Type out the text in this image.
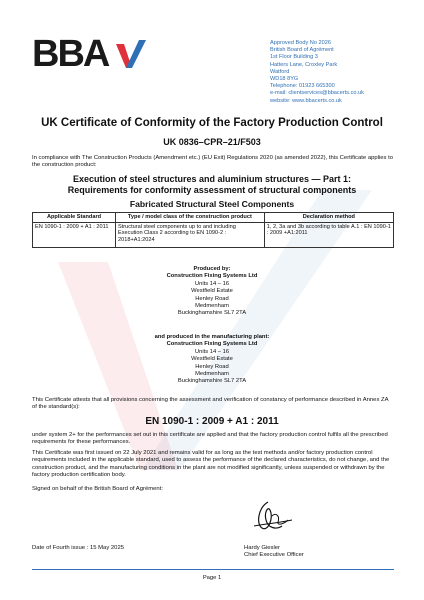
BBA	Approved Body No 2026
British Board of Agrément
1st Floor Building 3
Hatters Lane, Croxley Park
Watford
WD18 8YG
Telephone: 01923 665300
e-mail: clientservices@bbacerts.co.uk
website: www.bbacerts.co.uk
UK Certificate of Conformity of the Factory Production Control
UK 0836–CPR–21/F503
In compliance with The Construction Products (Amendment etc.) (EU Exit) Regulations 2020 (as amended 2022), this Certificate applies to the construction product:
Execution of steel structures and aluminium structures — Part 1:
Requirements for conformity assessment of structural components
Fabricated Structural Steel Components
Applicable Standard	Type / model class of the construction product	Declaration method
EN 1090-1 : 2009 + A1 : 2011	Structural steel components up to and including Execution Class 2 according to EN 1090-2 : 2018+A1:2024	1, 2, 3a and 3b according to table A.1 : EN 1090-1 : 2009 +A1:2011
Produced by:
Construction Fixing Systems Ltd
Units 14 – 16
Westfield Estate
Henley Road
Medmenham
Buckinghamshire SL7 2TA
and produced in the manufacturing plant:
Construction Fixing Systems Ltd
Units 14 – 16
Westfield Estate
Henley Road
Medmenham
Buckinghamshire SL7 2TA
This Certificate attests that all provisions concerning the assessment and verification of constancy of performance described in Annex ZA of the standard(s):
EN 1090-1 : 2009 + A1 : 2011
under system 2+ for the performances set out in this certificate are applied and that the factory production control fulfils all the prescribed requirements for these performances.
This Certificate was first issued on 22 July 2021 and remains valid for as long as the test methods and/or factory production control requirements included in the applicable standard, used to assess the performance of the declared characteristics, do not change, and the construction product, and the manufacturing conditions in the plant are not modified significantly, unless suspended or withdrawn by the factory production certification body.
Signed on behalf of the British Board of Agrément:
Date of Fourth issue : 15 May 2025	Hardy Giesler
Chief Executive Officer
Page 1
